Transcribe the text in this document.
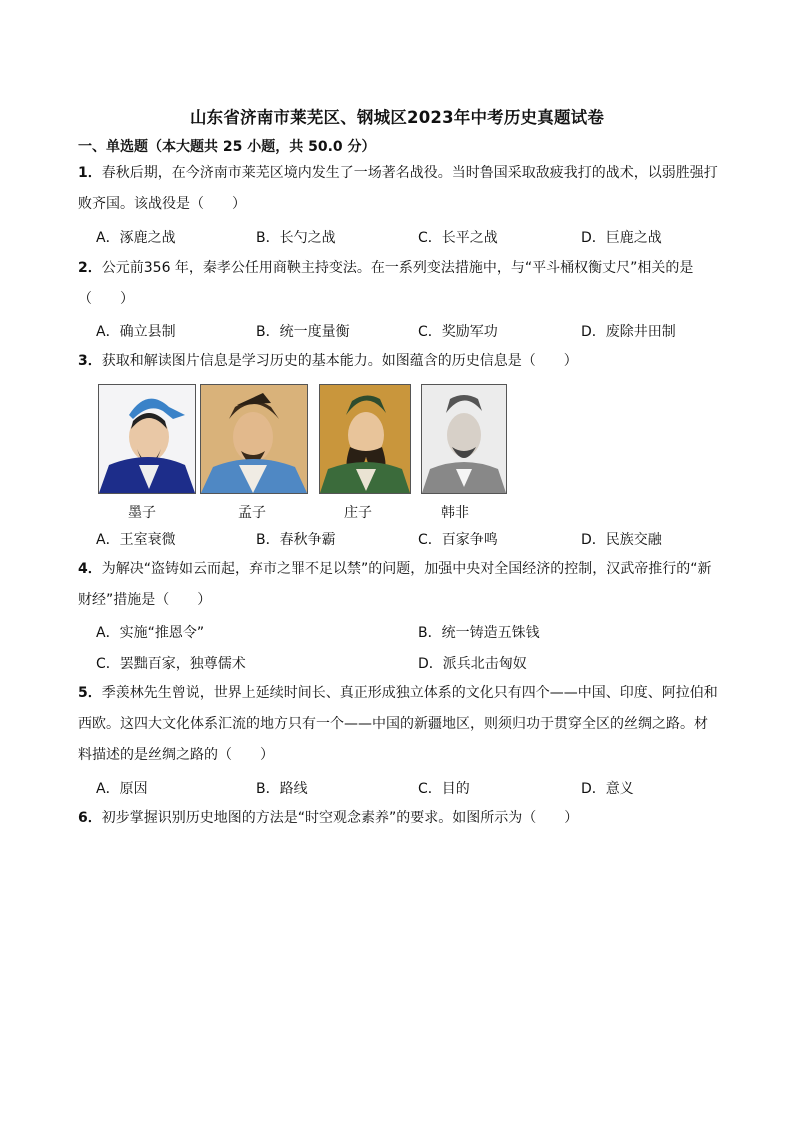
山东省济南市莱芜区、钢城区2023年中考历史真题试卷
一、单选题（本大题共 25 小题，共 50.0 分）
1．春秋后期，在今济南市莱芜区境内发生了一场著名战役。当时鲁国采取敌疲我打的战术，以弱胜强打
败齐国。该战役是（　　）
A．涿鹿之战	B．长勺之战	C．长平之战	D．巨鹿之战
2．公元前356 年，秦孝公任用商鞅主持变法。在一系列变法措施中，与“平斗桶权衡丈尺”相关的是
（　　）
A．确立县制	B．统一度量衡	C．奖励军功	D．废除井田制
3．获取和解读图片信息是学习历史的基本能力。如图蕴含的历史信息是（　　）
墨子	孟子	庄子	韩非
A．王室衰微	B．春秋争霸	C．百家争鸣	D．民族交融
4．为解决“盗铸如云而起，弃市之罪不足以禁”的问题，加强中央对全国经济的控制，汉武帝推行的“新
财经”措施是（　　）
A．实施“推恩令”	B．统一铸造五铢钱
C．罢黜百家，独尊儒术	D．派兵北击匈奴
5．季羡林先生曾说，世界上延续时间长、真正形成独立体系的文化只有四个——中国、印度、阿拉伯和
西欧。这四大文化体系汇流的地方只有一个——中国的新疆地区，则须归功于贯穿全区的丝绸之路。材
料描述的是丝绸之路的（　　）
A．原因	B．路线	C．目的	D．意义
6．初步掌握识别历史地图的方法是“时空观念素养”的要求。如图所示为（　　）
